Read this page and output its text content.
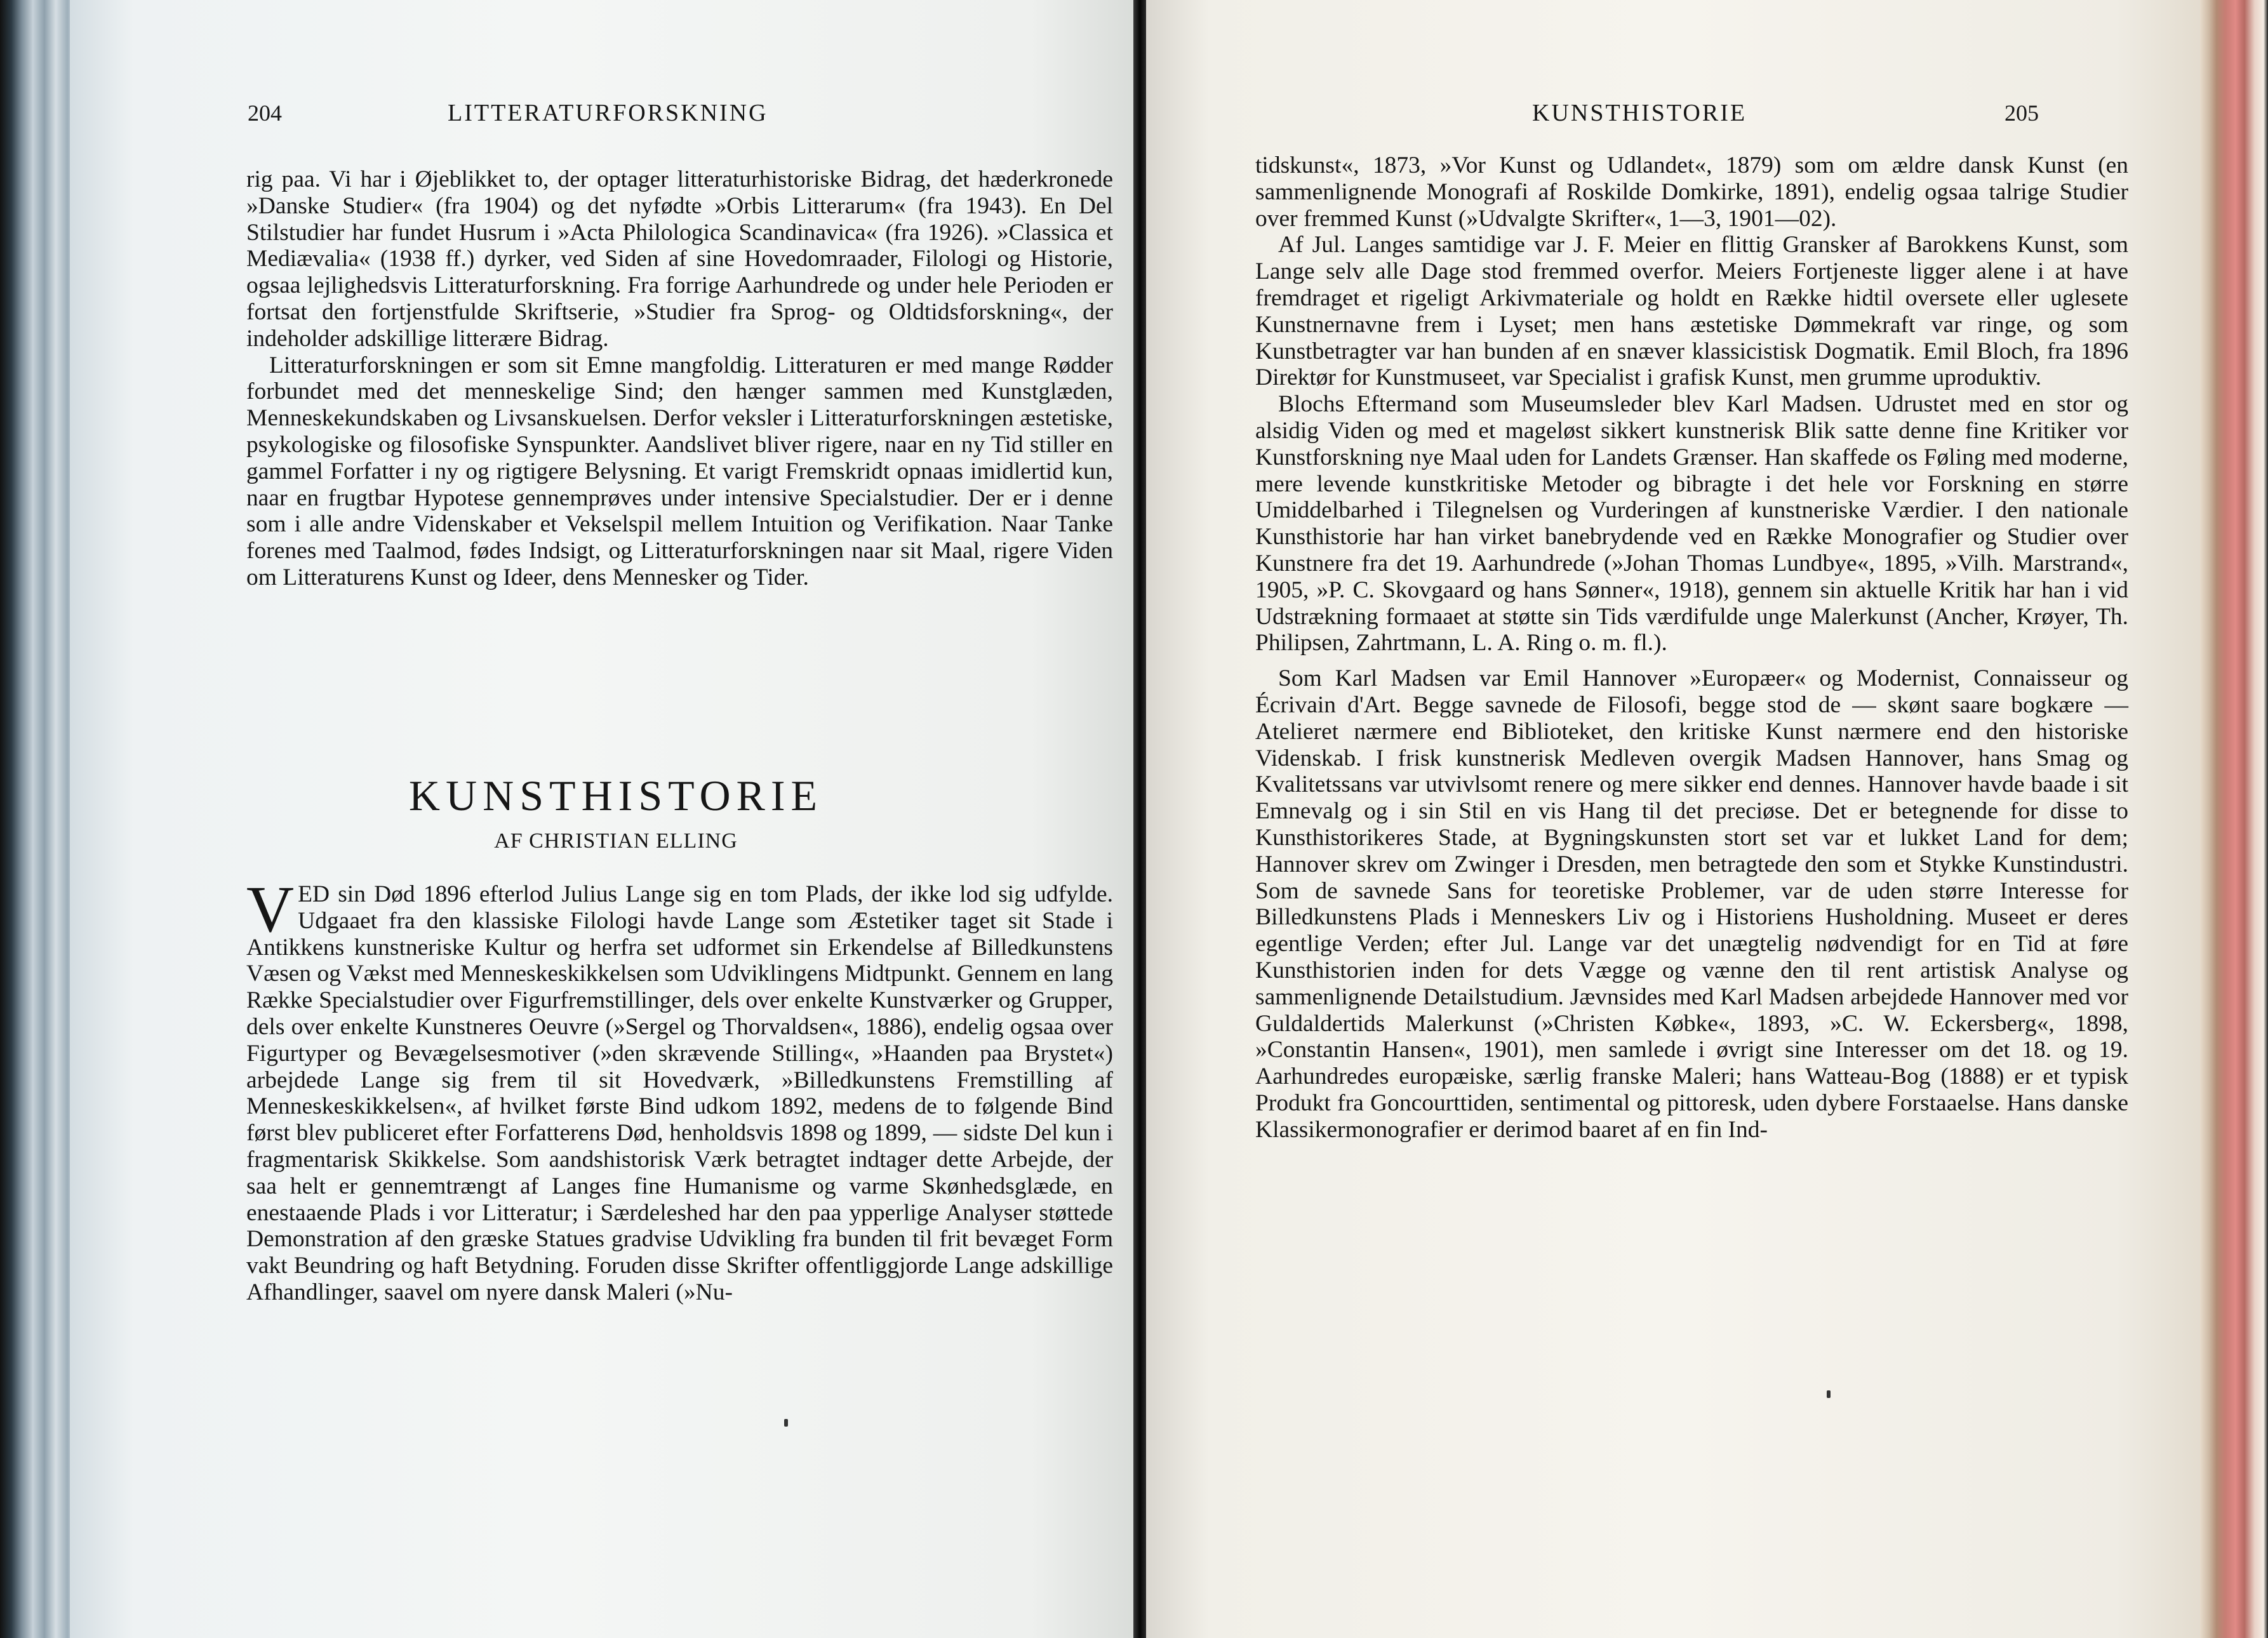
204	LITTERATURFORSKNING

rig paa. Vi har i Øjeblikket to, der optager litteraturhistoriske Bidrag, det hæderkronede »Danske Studier« (fra 1904) og det nyfødte »Orbis Litterarum« (fra 1943). En Del Stilstudier har fundet Husrum i »Acta Philologica Scandinavica« (fra 1926). »Classica et Mediævalia« (1938 ff.) dyrker, ved Siden af sine Hovedomraader, Filologi og Historie, ogsaa lejlighedsvis Litteraturforskning. Fra forrige Aarhundrede og under hele Perioden er fortsat den fortjenstfulde Skriftserie, »Studier fra Sprog- og Oldtidsforskning«, der indeholder adskillige litterære Bidrag.

Litteraturforskningen er som sit Emne mangfoldig. Litteraturen er med mange Rødder forbundet med det menneskelige Sind; den hænger sammen med Kunstglæden, Menneskekundskaben og Livsanskuelsen. Derfor veksler i Litteraturforskningen æstetiske, psykologiske og filosofiske Synspunkter. Aandslivet bliver rigere, naar en ny Tid stiller en gammel Forfatter i ny og rigtigere Belysning. Et varigt Fremskridt opnaas imidlertid kun, naar en frugtbar Hypotese gennemprøves under intensive Specialstudier. Der er i denne som i alle andre Videnskaber et Vekselspil mellem Intuition og Verifikation. Naar Tanke forenes med Taalmod, fødes Indsigt, og Litteraturforskningen naar sit Maal, rigere Viden om Litteraturens Kunst og Ideer, dens Mennesker og Tider.

KUNSTHISTORIE
AF CHRISTIAN ELLING

VED sin Død 1896 efterlod Julius Lange sig en tom Plads, der ikke lod sig udfylde. Udgaaet fra den klassiske Filologi havde Lange som Æstetiker taget sit Stade i Antikkens kunstneriske Kultur og herfra set udformet sin Erkendelse af Billedkunstens Væsen og Vækst med Menneskeskikkelsen som Udviklingens Midtpunkt. Gennem en lang Række Specialstudier over Figurfremstillinger, dels over enkelte Kunstværker og Grupper, dels over enkelte Kunstneres Oeuvre (»Sergel og Thorvaldsen«, 1886), endelig ogsaa over Figurtyper og Bevægelsesmotiver (»den skrævende Stilling«, »Haanden paa Brystet«) arbejdede Lange sig frem til sit Hovedværk, »Billedkunstens Fremstilling af Menneskeskikkelsen«, af hvilket første Bind udkom 1892, medens de to følgende Bind først blev publiceret efter Forfatterens Død, henholdsvis 1898 og 1899, — sidste Del kun i fragmentarisk Skikkelse. Som aandshistorisk Værk betragtet indtager dette Arbejde, der saa helt er gennemtrængt af Langes fine Humanisme og varme Skønhedsglæde, en enestaaende Plads i vor Litteratur; i Særdeleshed har den paa ypperlige Analyser støttede Demonstration af den græske Statues gradvise Udvikling fra bunden til frit bevæget Form vakt Beundring og haft Betydning. Foruden disse Skrifter offentliggjorde Lange adskillige Afhandlinger, saavel om nyere dansk Maleri (»Nu-

KUNSTHISTORIE	205

tidskunst«, 1873, »Vor Kunst og Udlandet«, 1879) som om ældre dansk Kunst (en sammenlignende Monografi af Roskilde Domkirke, 1891), endelig ogsaa talrige Studier over fremmed Kunst (»Udvalgte Skrifter«, 1—3, 1901—02).

Af Jul. Langes samtidige var J. F. Meier en flittig Gransker af Barokkens Kunst, som Lange selv alle Dage stod fremmed overfor. Meiers Fortjeneste ligger alene i at have fremdraget et rigeligt Arkivmateriale og holdt en Række hidtil oversete eller uglesete Kunstnernavne frem i Lyset; men hans æstetiske Dømmekraft var ringe, og som Kunstbetragter var han bunden af en snæver klassicistisk Dogmatik. Emil Bloch, fra 1896 Direktør for Kunstmuseet, var Specialist i grafisk Kunst, men grumme uproduktiv.

Blochs Eftermand som Museumsleder blev Karl Madsen. Udrustet med en stor og alsidig Viden og med et mageløst sikkert kunstnerisk Blik satte denne fine Kritiker vor Kunstforskning nye Maal uden for Landets Grænser. Han skaffede os Føling med moderne, mere levende kunstkritiske Metoder og bibragte i det hele vor Forskning en større Umiddelbarhed i Tilegnelsen og Vurderingen af kunstneriske Værdier. I den nationale Kunsthistorie har han virket banebrydende ved en Række Monografier og Studier over Kunstnere fra det 19. Aarhundrede (»Johan Thomas Lundbye«, 1895, »Vilh. Marstrand«, 1905, »P. C. Skovgaard og hans Sønner«, 1918), gennem sin aktuelle Kritik har han i vid Udstrækning formaaet at støtte sin Tids værdifulde unge Malerkunst (Ancher, Krøyer, Th. Philipsen, Zahrtmann, L. A. Ring o. m. fl.).

Som Karl Madsen var Emil Hannover »Europæer« og Modernist, Connaisseur og Écrivain d'Art. Begge savnede de Filosofi, begge stod de — skønt saare bogkære — Atelieret nærmere end Biblioteket, den kritiske Kunst nærmere end den historiske Videnskab. I frisk kunstnerisk Medleven overgik Madsen Hannover, hans Smag og Kvalitetssans var utvivlsomt renere og mere sikker end dennes. Hannover havde baade i sit Emnevalg og i sin Stil en vis Hang til det preciøse. Det er betegnende for disse to Kunsthistorikeres Stade, at Bygningskunsten stort set var et lukket Land for dem; Hannover skrev om Zwinger i Dresden, men betragtede den som et Stykke Kunstindustri. Som de savnede Sans for teoretiske Problemer, var de uden større Interesse for Billedkunstens Plads i Menneskers Liv og i Historiens Husholdning. Museet er deres egentlige Verden; efter Jul. Lange var det unægtelig nødvendigt for en Tid at føre Kunsthistorien inden for dets Vægge og vænne den til rent artistisk Analyse og sammenlignende Detailstudium. Jævnsides med Karl Madsen arbejdede Hannover med vor Guldaldertids Malerkunst (»Christen Købke«, 1893, »C. W. Eckersberg«, 1898, »Constantin Hansen«, 1901), men samlede i øvrigt sine Interesser om det 18. og 19. Aarhundredes europæiske, særlig franske Maleri; hans Watteau-Bog (1888) er et typisk Produkt fra Goncourttiden, sentimental og pittoresk, uden dybere Forstaaelse. Hans danske Klassikermonografier er derimod baaret af en fin Ind-
